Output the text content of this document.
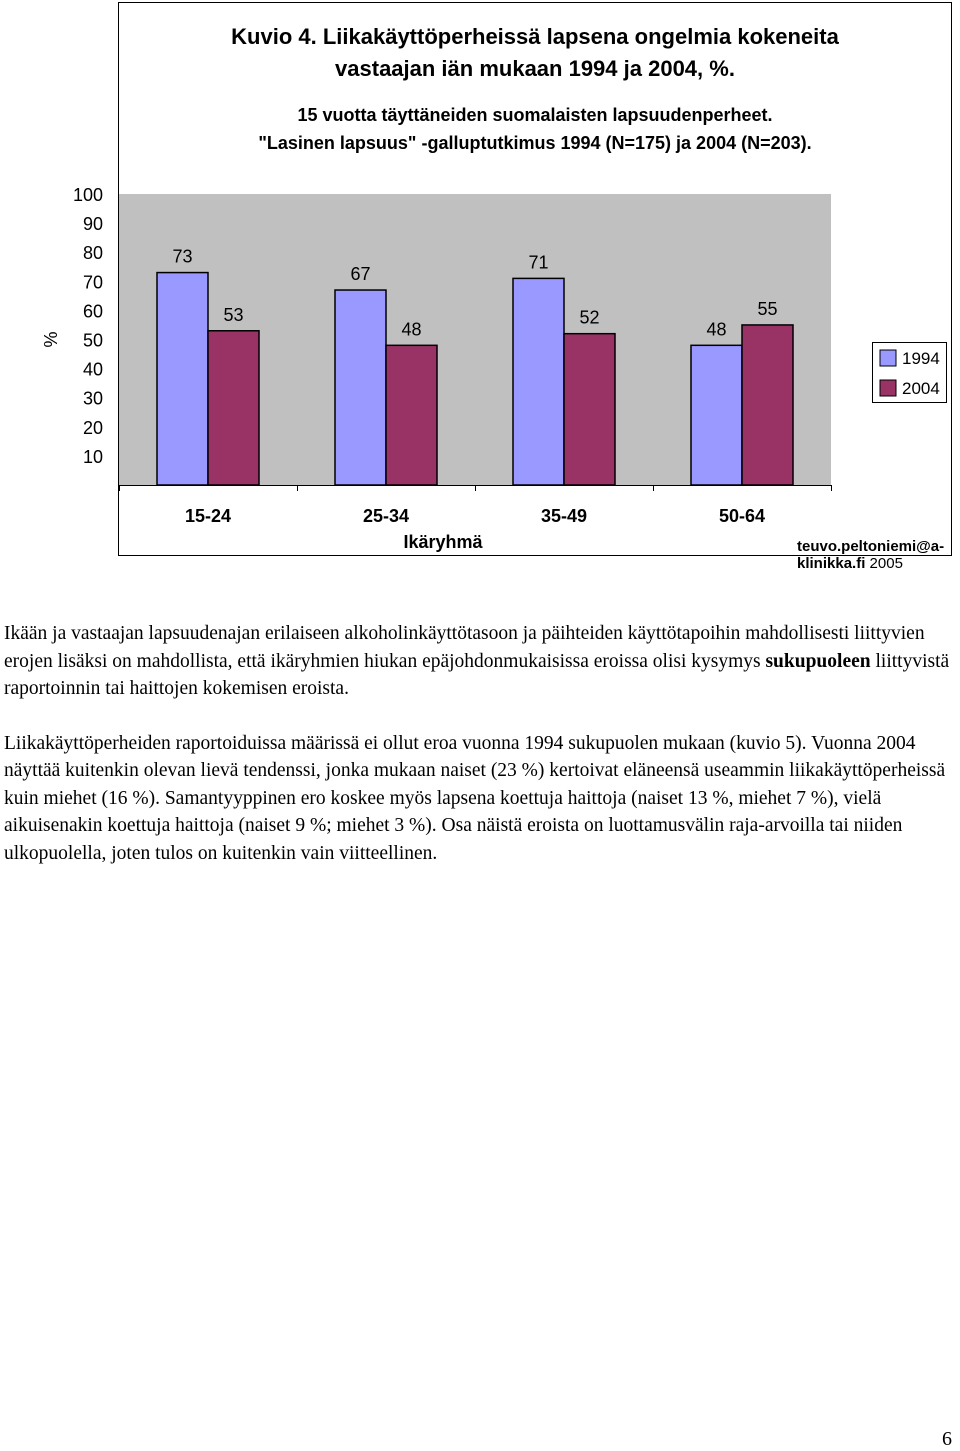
Kuvio 4. Liikakäyttöperheissä lapsena ongelmia kokeneita
vastaajan iän mukaan 1994 ja 2004, %.
15 vuotta täyttäneiden suomalaisten lapsuudenperheet.
"Lasinen lapsuus" -galluptutkimus 1994 (N=175) ja 2004 (N=203).
10
20
30
40
50
60
70
80
90
100
%
73
53
15-24
67
48
25-34
71
52
35-49
48
55
50-64
Ikäryhmä
1994
2004
teuvo.peltoniemi@a-klinikka.fi 2005

Ikään ja vastaajan lapsuudenajan erilaiseen alkoholinkäyttötasoon ja päihteiden käyttötapoihin mahdollisesti liittyvien erojen lisäksi on mahdollista, että ikäryhmien hiukan epäjohdonmukaisissa eroissa olisi kysymys sukupuoleen liittyvistä raportoinnin tai haittojen kokemisen eroista.

Liikakäyttöperheiden raportoiduissa määrissä ei ollut eroa vuonna 1994 sukupuolen mukaan (kuvio 5). Vuonna 2004 näyttää kuitenkin olevan lievä tendenssi, jonka mukaan naiset (23 %) kertoivat eläneensä useammin liikakäyttöperheissä kuin miehet (16 %). Samantyyppinen ero koskee myös lapsena koettuja haittoja (naiset 13 %, miehet 7 %), vielä aikuisenakin koettuja haittoja (naiset 9 %; miehet 3 %). Osa näistä eroista on luottamusvälin raja-arvoilla tai niiden ulkopuolella, joten tulos on kuitenkin vain viitteellinen.

6
